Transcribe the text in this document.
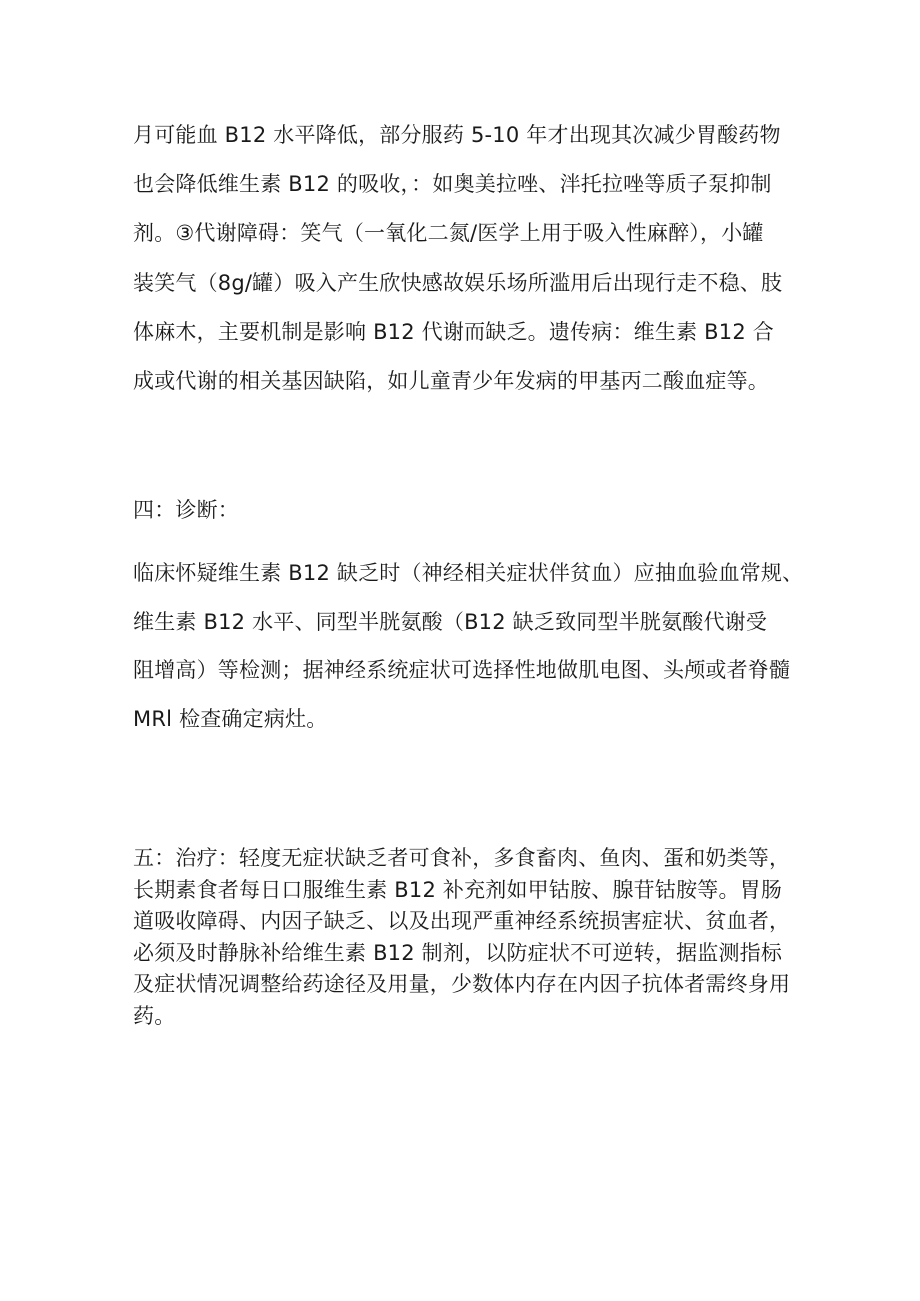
月可能血 B12 水平降低，部分服药 5-10 年才出现其次减少胃酸药物
也会降低维生素 B12 的吸收，：如奥美拉唑、泮托拉唑等质子泵抑制
剂。③代谢障碍：笑气（一氧化二氮/医学上用于吸入性麻醉），小罐
装笑气（8g/罐）吸入产生欣快感故娱乐场所滥用后出现行走不稳、肢
体麻木，主要机制是影响 B12 代谢而缺乏。遗传病：维生素 B12 合
成或代谢的相关基因缺陷，如儿童青少年发病的甲基丙二酸血症等。
四：诊断：
临床怀疑维生素 B12 缺乏时（神经相关症状伴贫血）应抽血验血常规、
维生素 B12 水平、同型半胱氨酸（B12 缺乏致同型半胱氨酸代谢受
阻增高）等检测；据神经系统症状可选择性地做肌电图、头颅或者脊髓
MRl 检查确定病灶。
五：治疗：轻度无症状缺乏者可食补，多食畜肉、鱼肉、蛋和奶类等，
长期素食者每日口服维生素 B12 补充剂如甲钴胺、腺苷钴胺等。胃肠
道吸收障碍、内因子缺乏、以及出现严重神经系统损害症状、贫血者，
必须及时静脉补给维生素 B12 制剂，以防症状不可逆转，据监测指标
及症状情况调整给药途径及用量，少数体内存在内因子抗体者需终身用
药。
